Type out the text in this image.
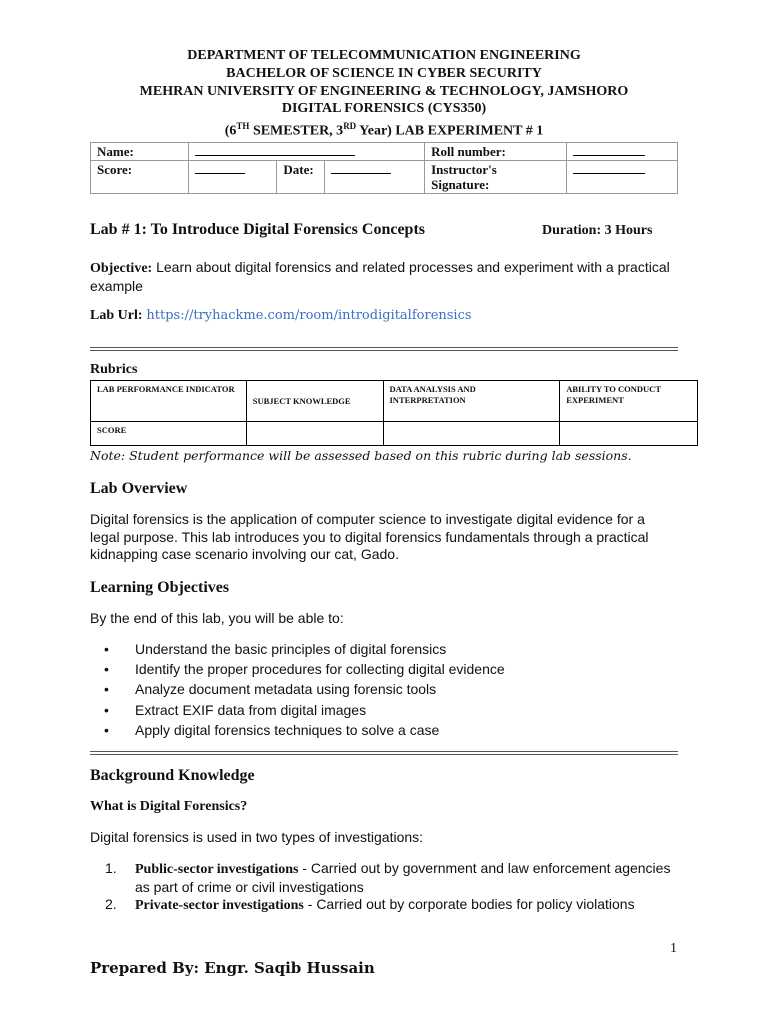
DEPARTMENT OF TELECOMMUNICATION ENGINEERING
BACHELOR OF SCIENCE IN CYBER SECURITY
MEHRAN UNIVERSITY OF ENGINEERING & TECHNOLOGY, JAMSHORO
DIGITAL FORENSICS (CYS350)
(6TH SEMESTER, 3RD Year) LAB EXPERIMENT # 1
Name:				Roll number:	
Score:		Date:		Instructor's
Signature:	
Lab # 1: To Introduce Digital Forensics Concepts	Duration: 3 Hours
Objective: Learn about digital forensics and related processes and experiment with a practical example
Lab Url: https://tryhackme.com/room/introdigitalforensics
Rubrics
LAB PERFORMANCE INDICATOR	SUBJECT KNOWLEDGE	DATA ANALYSIS AND INTERPRETATION	ABILITY TO CONDUCT EXPERIMENT
SCORE			
Note: Student performance will be assessed based on this rubric during lab sessions.
Lab Overview
Digital forensics is the application of computer science to investigate digital evidence for a legal purpose. This lab introduces you to digital forensics fundamentals through a practical kidnapping case scenario involving our cat, Gado.
Learning Objectives
By the end of this lab, you will be able to:
• Understand the basic principles of digital forensics
• Identify the proper procedures for collecting digital evidence
• Analyze document metadata using forensic tools
• Extract EXIF data from digital images
• Apply digital forensics techniques to solve a case
Background Knowledge
What is Digital Forensics?
Digital forensics is used in two types of investigations:
1. Public-sector investigations - Carried out by government and law enforcement agencies as part of crime or civil investigations
2. Private-sector investigations - Carried out by corporate bodies for policy violations
1
Prepared By: Engr. Saqib Hussain
